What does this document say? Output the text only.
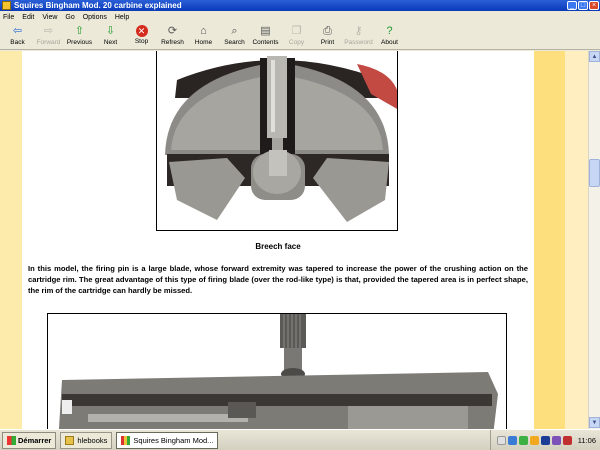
Squires Bingham Mod. 20 carbine explained	_ □ ×
File Edit View Go Options Help
⇦
Back
⇨
Forward
⇧
Previous
⇩
Next
✕
Stop
⟳
Refresh
⌂
Home
⌕
Search
▤
Contents
❐
Copy
⎙
Print
⚷
Password
?
About
Breech face
In this model, the firing pin is a large blade, whose forward extremity was tapered to increase the power of the crushing action on the cartridge rim. The great advantage of this type of firing blade (over the rod-like type) is that, provided the tapered area is in perfect shape, the rim of the cartridge can hardly be missed.
▲
▼
Démarrer	hlebooks	Squires Bingham Mod...	11:06
